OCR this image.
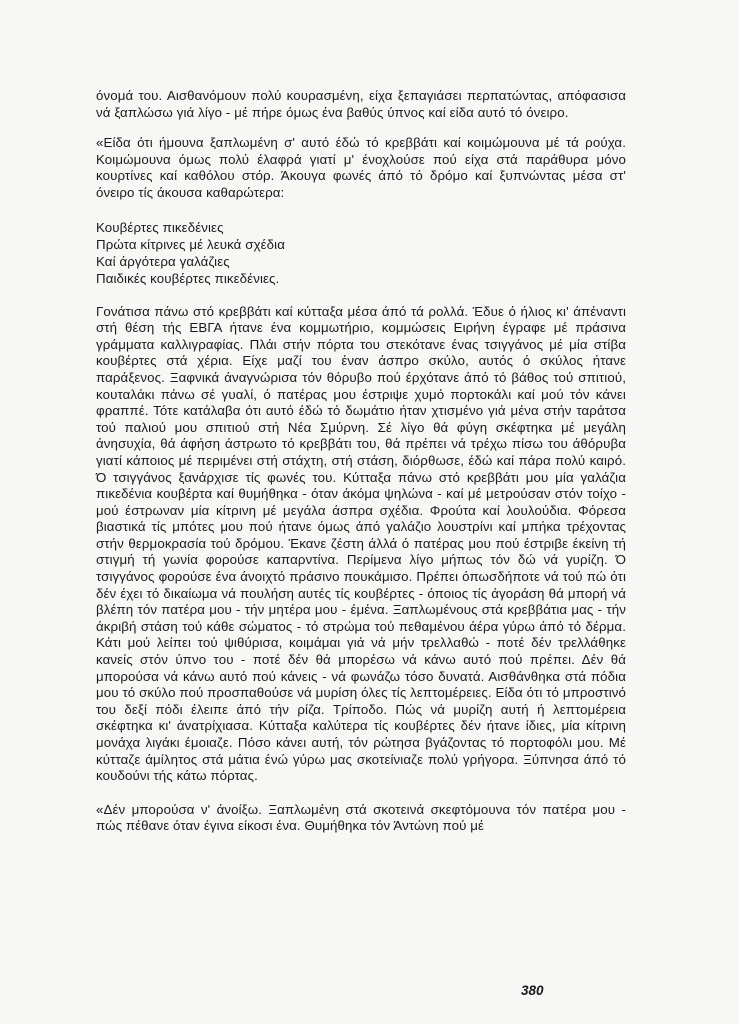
όνομά του. Αισθανόμουν πολύ κουρασμένη, είχα ξεπαγιάσει περπατώντας, απόφασισα νά ξαπλώσω γιά λίγο - μέ πήρε όμως ένα βαθύς ύπνος καί είδα αυτό τό όνειρο.

«Είδα ότι ήμουνα ξαπλωμένη σ' αυτό έδώ τό κρεββάτι καί κοιμώμουνα μέ τά ρούχα. Κοιμώμουνα όμως πολύ έλαφρά γιατί μ' ένοχλούσε πού είχα στά παράθυρα μόνο κουρτίνες καί καθόλου στόρ. Άκουγα φωνές άπό τό δρόμο καί ξυπνώντας μέσα στ' όνειρο τίς άκουσα καθαρώτερα:

Κουβέρτες πικεδένιες
Πρώτα κίτρινες μέ λευκά σχέδια
Καί άργότερα γαλάζιες
Παιδικές κουβέρτες πικεδένιες.

Γονάτισα πάνω στό κρεββάτι καί κύτταξα μέσα άπό τά ρολλά. Έδυε ό ήλιος κι' άπέναντι στή θέση τής ΕΒΓΑ ήτανε ένα κομμωτήριο, κομμώσεις Ειρήνη έγραφε μέ πράσινα γράμματα καλλιγραφίας. Πλάι στήν πόρτα του στεκότανε ένας τσιγγάνος μέ μία στίβα κουβέρτες στά χέρια. Είχε μαζί του έναν άσπρο σκύλο, αυτός ό σκύλος ήτανε παράξενος. Ξαφνικά άναγνώρισα τόν θόρυβο πού έρχότανε άπό τό βάθος τού σπιτιού, κουταλάκι πάνω σέ γυαλί, ό πατέρας μου έστριψε χυμό πορτοκάλι καί μού τόν κάνει φραππέ. Τότε κατάλαβα ότι αυτό έδώ τό δωμάτιο ήταν χτισμένο γιά μένα στήν ταράτσα τού παλιού μου σπιτιού στή Νέα Σμύρνη. Σέ λίγο θά φύγη σκέφτηκα μέ μεγάλη άνησυχία, θά άφήση άστρωτο τό κρεββάτι του, θά πρέπει νά τρέχω πίσω του άθόρυβα γιατί κάποιος μέ περιμένει στή στάχτη, στή στάση, διόρθωσε, έδώ καί πάρα πολύ καιρό. Ό τσιγγάνος ξανάρχισε τίς φωνές του. Κύτταξα πάνω στό κρεββάτι μου μία γαλάζια πικεδένια κουβέρτα καί θυμήθηκα - όταν άκόμα ψηλώνα - καί μέ μετρούσαν στόν τοίχο - μού έστρωναν μία κίτρινη μέ μεγάλα άσπρα σχέδια. Φρούτα καί λουλούδια. Φόρεσα βιαστικά τίς μπότες μου πού ήτανε όμως άπό γαλάζιο λουστρίνι καί μπήκα τρέχοντας στήν θερμοκρασία τού δρόμου. Έκανε ζέστη άλλά ό πατέρας μου πού έστριβε έκείνη τή στιγμή τή γωνία φορούσε καπαρντίνα. Περίμενα λίγο μήπως τόν δώ νά γυρίζη. Ό τσιγγάνος φορούσε ένα άνοιχτό πράσινο πουκάμισο. Πρέπει όπωσδήποτε νά τού πώ ότι δέν έχει τό δικαίωμα νά πουλήση αυτές τίς κουβέρτες - όποιος τίς άγοράση θά μπορή νά βλέπη τόν πατέρα μου - τήν μητέρα μου - έμένα. Ξαπλωμένους στά κρεββάτια μας - τήν άκριβή στάση τού κάθε σώματος - τό στρώμα τού πεθαμένου άέρα γύρω άπό τό δέρμα. Κάτι μού λείπει τού ψιθύρισα, κοιμάμαι γιά νά μήν τρελλαθώ - ποτέ δέν τρελλάθηκε κανείς στόν ύπνο του - ποτέ δέν θά μπορέσω νά κάνω αυτό πού πρέπει. Δέν θά μπορούσα νά κάνω αυτό πού κάνεις - νά φωνάζω τόσο δυνατά. Αισθάνθηκα στά πόδια μου τό σκύλο πού προσπαθούσε νά μυρίση όλες τίς λεπτομέρειες. Είδα ότι τό μπροστινό του δεξί πόδι έλειπε άπό τήν ρίζα. Τρίποδο. Πώς νά μυρίζη αυτή ή λεπτομέρεια σκέφτηκα κι' άνατρίχιασα. Κύτταξα καλύτερα τίς κουβέρτες δέν ήτανε ίδιες, μία κίτρινη μονάχα λιγάκι έμοιαζε. Πόσο κάνει αυτή, τόν ρώτησα βγάζοντας τό πορτοφόλι μου. Μέ κύτταζε άμίλητος στά μάτια ένώ γύρω μας σκοτείνιαζε πολύ γρήγορα. Ξύπνησα άπό τό κουδούνι τής κάτω πόρτας.

«Δέν μπορούσα ν' άνοίξω. Ξαπλωμένη στά σκοτεινά σκεφτόμουνα τόν πατέρα μου - πώς πέθανε όταν έγινα είκοσι ένα. Θυμήθηκα τόν Άντώνη πού μέ

380
